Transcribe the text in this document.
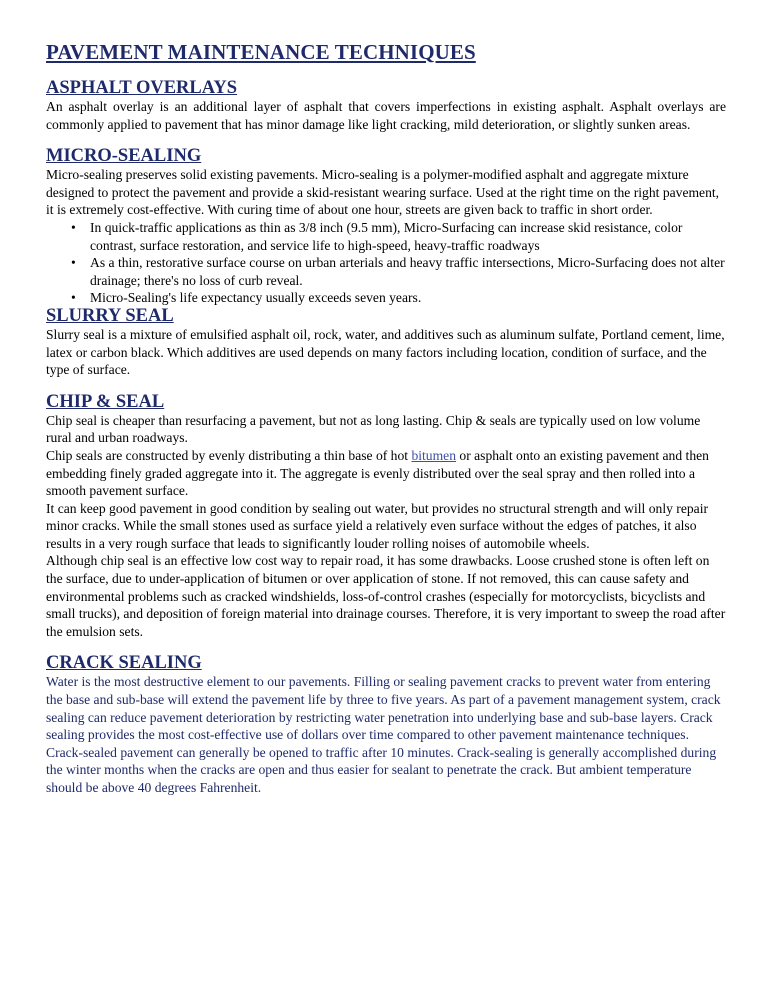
PAVEMENT MAINTENANCE TECHNIQUES
ASPHALT OVERLAYS

An asphalt overlay is an additional layer of asphalt that covers imperfections in existing asphalt. Asphalt overlays are commonly applied to pavement that has minor damage like light cracking, mild deterioration, or slightly sunken areas.

MICRO-SEALING

Micro-sealing preserves solid existing pavements. Micro-sealing is a polymer-modified asphalt and aggregate mixture designed to protect the pavement and provide a skid-resistant wearing surface. Used at the right time on the right pavement, it is extremely cost-effective. With curing time of about one hour, streets are given back to traffic in short order.

• In quick-traffic applications as thin as 3/8 inch (9.5 mm), Micro-Surfacing can increase skid resistance, color contrast, surface restoration, and service life to high-speed, heavy-traffic roadways
• As a thin, restorative surface course on urban arterials and heavy traffic intersections, Micro-Surfacing does not alter drainage; there's no loss of curb reveal.
• Micro-Sealing's life expectancy usually exceeds seven years.
SLURRY SEAL

Slurry seal is a mixture of emulsified asphalt oil, rock, water, and additives such as aluminum sulfate, Portland cement, lime, latex or carbon black. Which additives are used depends on many factors including location, condition of surface, and the type of surface.

CHIP & SEAL

Chip seal is cheaper than resurfacing a pavement, but not as long lasting. Chip & seals are typically used on low volume rural and urban roadways.

Chip seals are constructed by evenly distributing a thin base of hot bitumen or asphalt onto an existing pavement and then embedding finely graded aggregate into it. The aggregate is evenly distributed over the seal spray and then rolled into a smooth pavement surface.

It can keep good pavement in good condition by sealing out water, but provides no structural strength and will only repair minor cracks. While the small stones used as surface yield a relatively even surface without the edges of patches, it also results in a very rough surface that leads to significantly louder rolling noises of automobile wheels.

Although chip seal is an effective low cost way to repair road, it has some drawbacks. Loose crushed stone is often left on the surface, due to under-application of bitumen or over application of stone. If not removed, this can cause safety and environmental problems such as cracked windshields, loss-of-control crashes (especially for motorcyclists, bicyclists and small trucks), and deposition of foreign material into drainage courses. Therefore, it is very important to sweep the road after the emulsion sets.

CRACK SEALING

Water is the most destructive element to our pavements. Filling or sealing pavement cracks to prevent water from entering the base and sub-base will extend the pavement life by three to five years. As part of a pavement management system, crack sealing can reduce pavement deterioration by restricting water penetration into underlying base and sub-base layers. Crack sealing provides the most cost-effective use of dollars over time compared to other pavement maintenance techniques. Crack-sealed pavement can generally be opened to traffic after 10 minutes. Crack-sealing is generally accomplished during the winter months when the cracks are open and thus easier for sealant to penetrate the crack. But ambient temperature should be above 40 degrees Fahrenheit.
